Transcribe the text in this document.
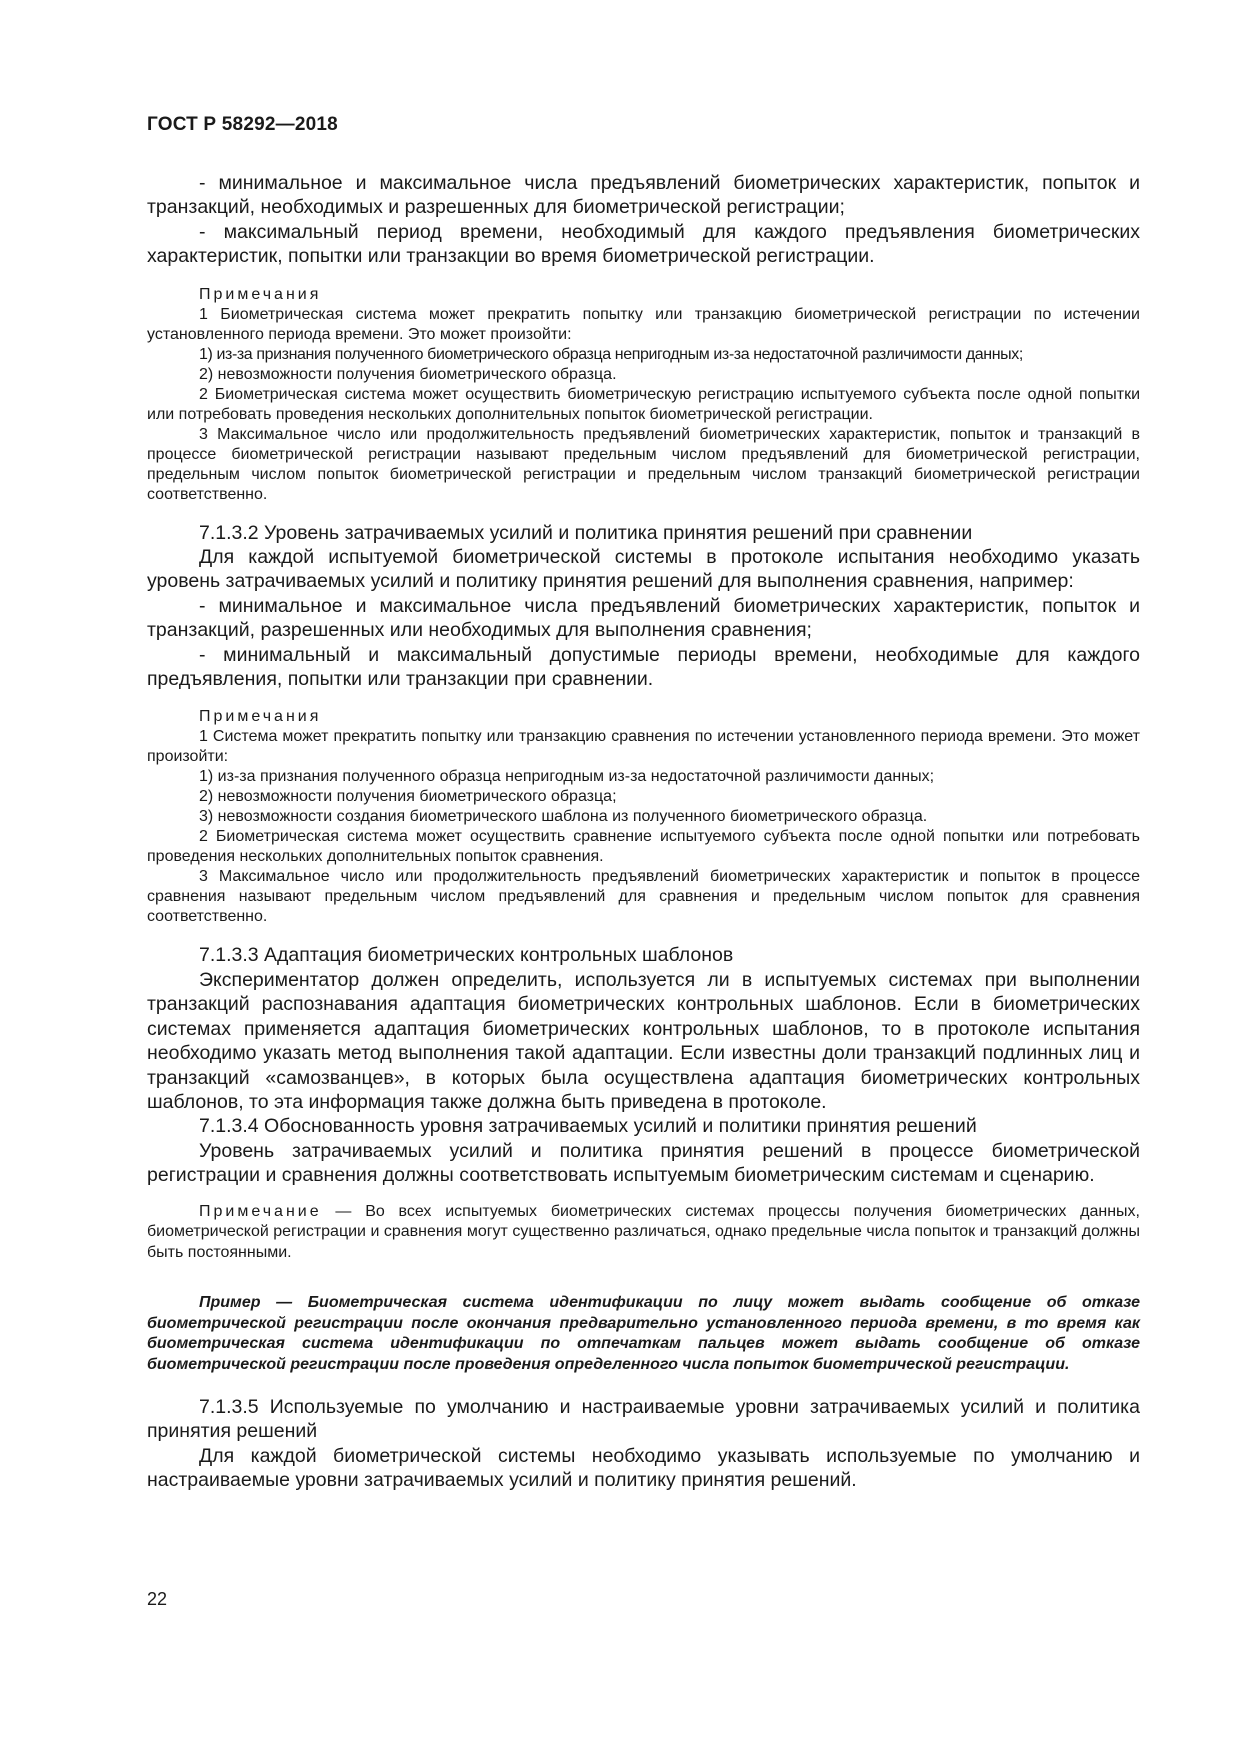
ГОСТ Р 58292—2018

- минимальное и максимальное числа предъявлений биометрических характеристик, попыток и транзакций, необходимых и разрешенных для биометрической регистрации;

- максимальный период времени, необходимый для каждого предъявления биометрических характеристик, попытки или транзакции во время биометрической регистрации.

Примечания

1 Биометрическая система может прекратить попытку или транзакцию биометрической регистрации по истечении установленного периода времени. Это может произойти:

1) из-за признания полученного биометрического образца непригодным из-за недостаточной различимости данных;

2) невозможности получения биометрического образца.

2 Биометрическая система может осуществить биометрическую регистрацию испытуемого субъекта после одной попытки или потребовать проведения нескольких дополнительных попыток биометрической регистрации.

3 Максимальное число или продолжительность предъявлений биометрических характеристик, попыток и транзакций в процессе биометрической регистрации называют предельным числом предъявлений для биометрической регистрации, предельным числом попыток биометрической регистрации и предельным числом транзакций биометрической регистрации соответственно.

7.1.3.2 Уровень затрачиваемых усилий и политика принятия решений при сравнении

Для каждой испытуемой биометрической системы в протоколе испытания необходимо указать уровень затрачиваемых усилий и политику принятия решений для выполнения сравнения, например:

- минимальное и максимальное числа предъявлений биометрических характеристик, попыток и транзакций, разрешенных или необходимых для выполнения сравнения;

- минимальный и максимальный допустимые периоды времени, необходимые для каждого предъявления, попытки или транзакции при сравнении.

Примечания

1 Система может прекратить попытку или транзакцию сравнения по истечении установленного периода времени. Это может произойти:

1) из-за признания полученного образца непригодным из-за недостаточной различимости данных;

2) невозможности получения биометрического образца;

3) невозможности создания биометрического шаблона из полученного биометрического образца.

2 Биометрическая система может осуществить сравнение испытуемого субъекта после одной попытки или потребовать проведения нескольких дополнительных попыток сравнения.

3 Максимальное число или продолжительность предъявлений биометрических характеристик и попыток в процессе сравнения называют предельным числом предъявлений для сравнения и предельным числом попыток для сравнения соответственно.

7.1.3.3 Адаптация биометрических контрольных шаблонов

Экспериментатор должен определить, используется ли в испытуемых системах при выполнении транзакций распознавания адаптация биометрических контрольных шаблонов. Если в биометрических системах применяется адаптация биометрических контрольных шаблонов, то в протоколе испытания необходимо указать метод выполнения такой адаптации. Если известны доли транзакций подлинных лиц и транзакций «самозванцев», в которых была осуществлена адаптация биометрических контрольных шаблонов, то эта информация также должна быть приведена в протоколе.

7.1.3.4 Обоснованность уровня затрачиваемых усилий и политики принятия решений

Уровень затрачиваемых усилий и политика принятия решений в процессе биометрической регистрации и сравнения должны соответствовать испытуемым биометрическим системам и сценарию.

Примечание — Во всех испытуемых биометрических системах процессы получения биометрических данных, биометрической регистрации и сравнения могут существенно различаться, однако предельные числа попыток и транзакций должны быть постоянными.

Пример — Биометрическая система идентификации по лицу может выдать сообщение об отказе биометрической регистрации после окончания предварительно установленного периода времени, в то время как биометрическая система идентификации по отпечаткам пальцев может выдать сообщение об отказе биометрической регистрации после проведения определенного числа попыток биометрической регистрации.

7.1.3.5 Используемые по умолчанию и настраиваемые уровни затрачиваемых усилий и политика принятия решений

Для каждой биометрической системы необходимо указывать используемые по умолчанию и настраиваемые уровни затрачиваемых усилий и политику принятия решений.

22
